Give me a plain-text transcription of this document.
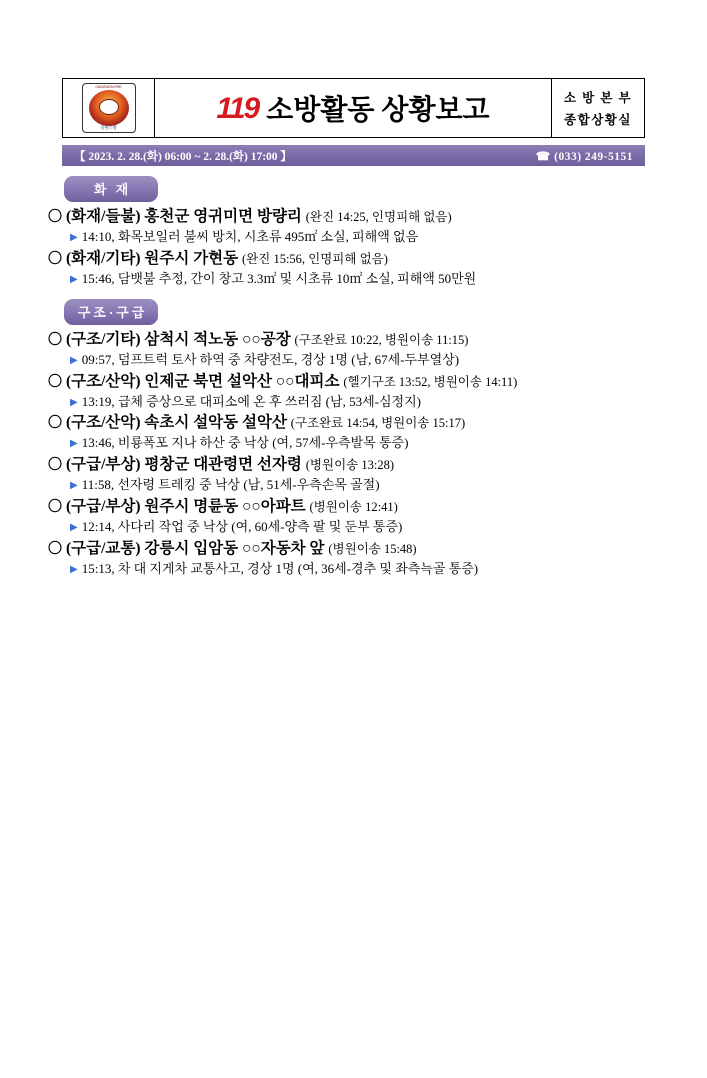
GANGWON FIRE
강원소방
119 소방활동 상황보고	소 방 본 부
종합상황실
【 2023. 2. 28.(화) 06:00 ~ 2. 28.(화) 17:00 】	☎ (033) 249-5151
화 재
〇 (화재/들불) 홍천군 영귀미면 방량리 (완진 14:25, 인명피해 없음)
▶ 14:10, 화목보일러 불씨 방치, 시초류 495㎡ 소실, 피해액 없음
〇 (화재/기타) 원주시 가현동 (완진 15:56, 인명피해 없음)
▶ 15:46, 담뱃불 추정, 간이 창고 3.3㎡ 및 시초류 10㎡ 소실, 피해액 50만원
구조·구급
〇 (구조/기타) 삼척시 적노동 ○○공장 (구조완료 10:22, 병원이송 11:15)
▶ 09:57, 덤프트럭 토사 하역 중 차량전도, 경상 1명 (남, 67세-두부열상)
〇 (구조/산악) 인제군 북면 설악산 ○○대피소 (헬기구조 13:52, 병원이송 14:11)
▶ 13:19, 급체 증상으로 대피소에 온 후 쓰러짐 (남, 53세-심정지)
〇 (구조/산악) 속초시 설악동 설악산 (구조완료 14:54, 병원이송 15:17)
▶ 13:46, 비룡폭포 지나 하산 중 낙상 (여, 57세-우측발목 통증)
〇 (구급/부상) 평창군 대관령면 선자령 (병원이송 13:28)
▶ 11:58, 선자령 트레킹 중 낙상 (남, 51세-우측손목 골절)
〇 (구급/부상) 원주시 명륜동 ○○아파트 (병원이송 12:41)
▶ 12:14, 사다리 작업 중 낙상 (여, 60세-양측 팔 및 둔부 통증)
〇 (구급/교통) 강릉시 입암동 ○○자동차 앞 (병원이송 15:48)
▶ 15:13, 차 대 지게차 교통사고, 경상 1명 (여, 36세-경추 및 좌측늑골 통증)
